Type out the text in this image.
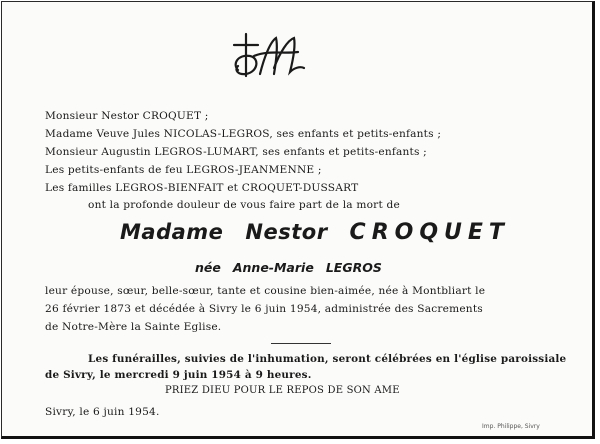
Monsieur Nestor CROQUET ;
Madame Veuve Jules NICOLAS-LEGROS, ses enfants et petits-enfants ;
Monsieur Augustin LEGROS-LUMART, ses enfants et petits-enfants ;
Les petits-enfants de feu LEGROS-JEANMENNE ;
Les familles LEGROS-BIENFAIT et CROQUET-DUSSART
ont la profonde douleur de vous faire part de la mort de
Madame Nestor CROQUET
née Anne-Marie LEGROS
leur épouse, sœur, belle-sœur, tante et cousine bien-aimée, née à Montbliart le
26 février 1873 et décédée à Sivry le 6 juin 1954, administrée des Sacrements
de Notre-Mère la Sainte Eglise.
Les funérailles, suivies de l'inhumation, seront célébrées en l'église paroissiale
de Sivry, le mercredi 9 juin 1954 à 9 heures.
PRIEZ DIEU POUR LE REPOS DE SON AME
Sivry, le 6 juin 1954.
Imp. Philippe, Sivry
